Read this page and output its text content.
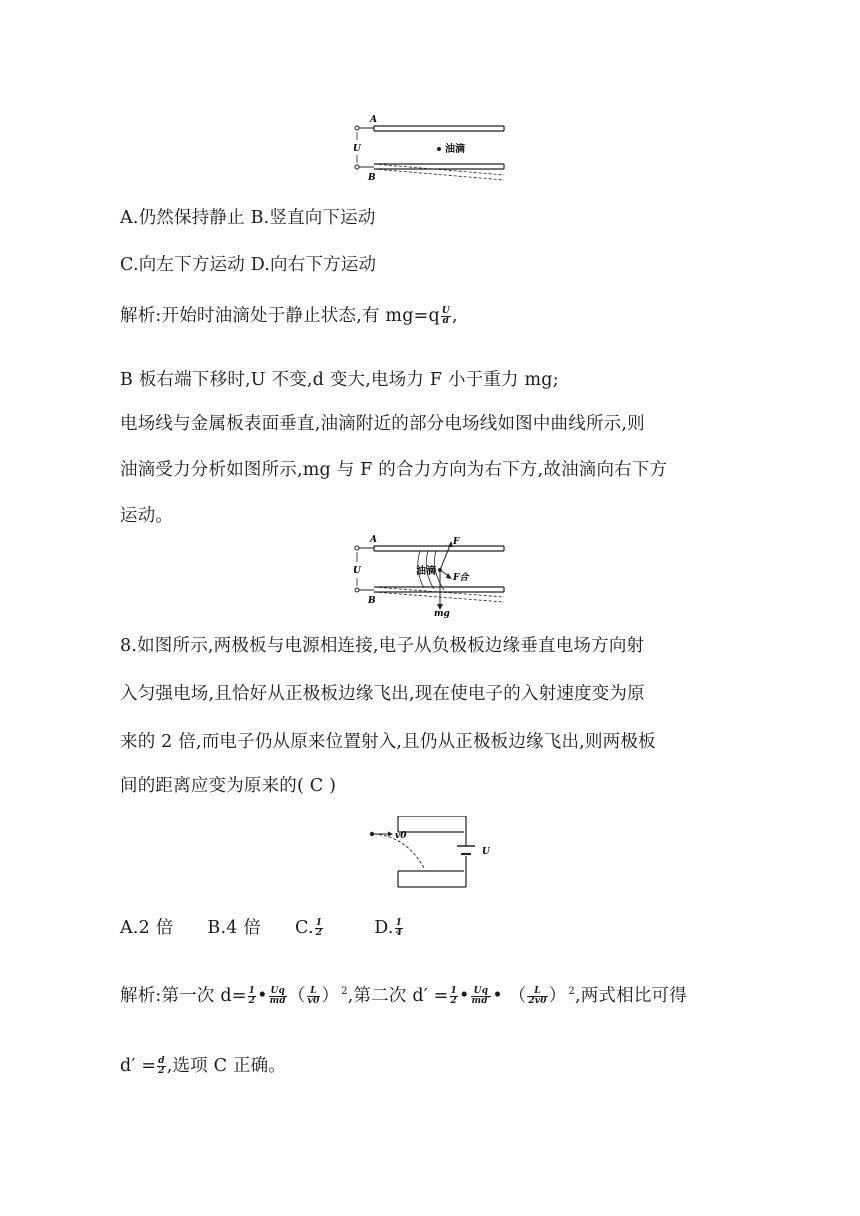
A
B
U	油滴
A.仍然保持静止 B.竖直向下运动
C.向左下方运动 D.向右下方运动
解析:开始时油滴处于静止状态,有 $mg=q \frac{U}{d}$ ,
B 板右端下移时,U 不变,d 变大,电场力 F 小于重力 mg;
电场线与金属板表面垂直,油滴附近的部分电场线如图中曲线所示,则
油滴受力分析如图所示,mg 与 F 的合力方向为右下方,故油滴向右下方
运动。
A
B
U	油滴
F
F合
mg
8.如图所示,两极板与电源相连接,电子从负极板边缘垂直电场方向射
入匀强电场,且恰好从正极板边缘飞出,现在使电子的入射速度变为原
来的 2 倍,而电子仍从原来位置射入,且仍从正极板边缘飞出,则两极板
间的距离应变为原来的( C )
v0
U
A.2 倍 B.4 倍 C. $\frac{1}{2}$	D. $\frac{1}{4}$
解析:第一次 $d= \frac{1}{2}$ • $\frac{Uq}{md}$ （ $\frac{L}{v0}$ ） $^2$,第二次 $d' = \frac{1}{2}$ • $\frac{Uq}{md'}$ • （ $\frac{L}{2v0}$ ） $^2$,两式相比可得
$d' = \frac{d}{2}$ ,选项 C 正确。
